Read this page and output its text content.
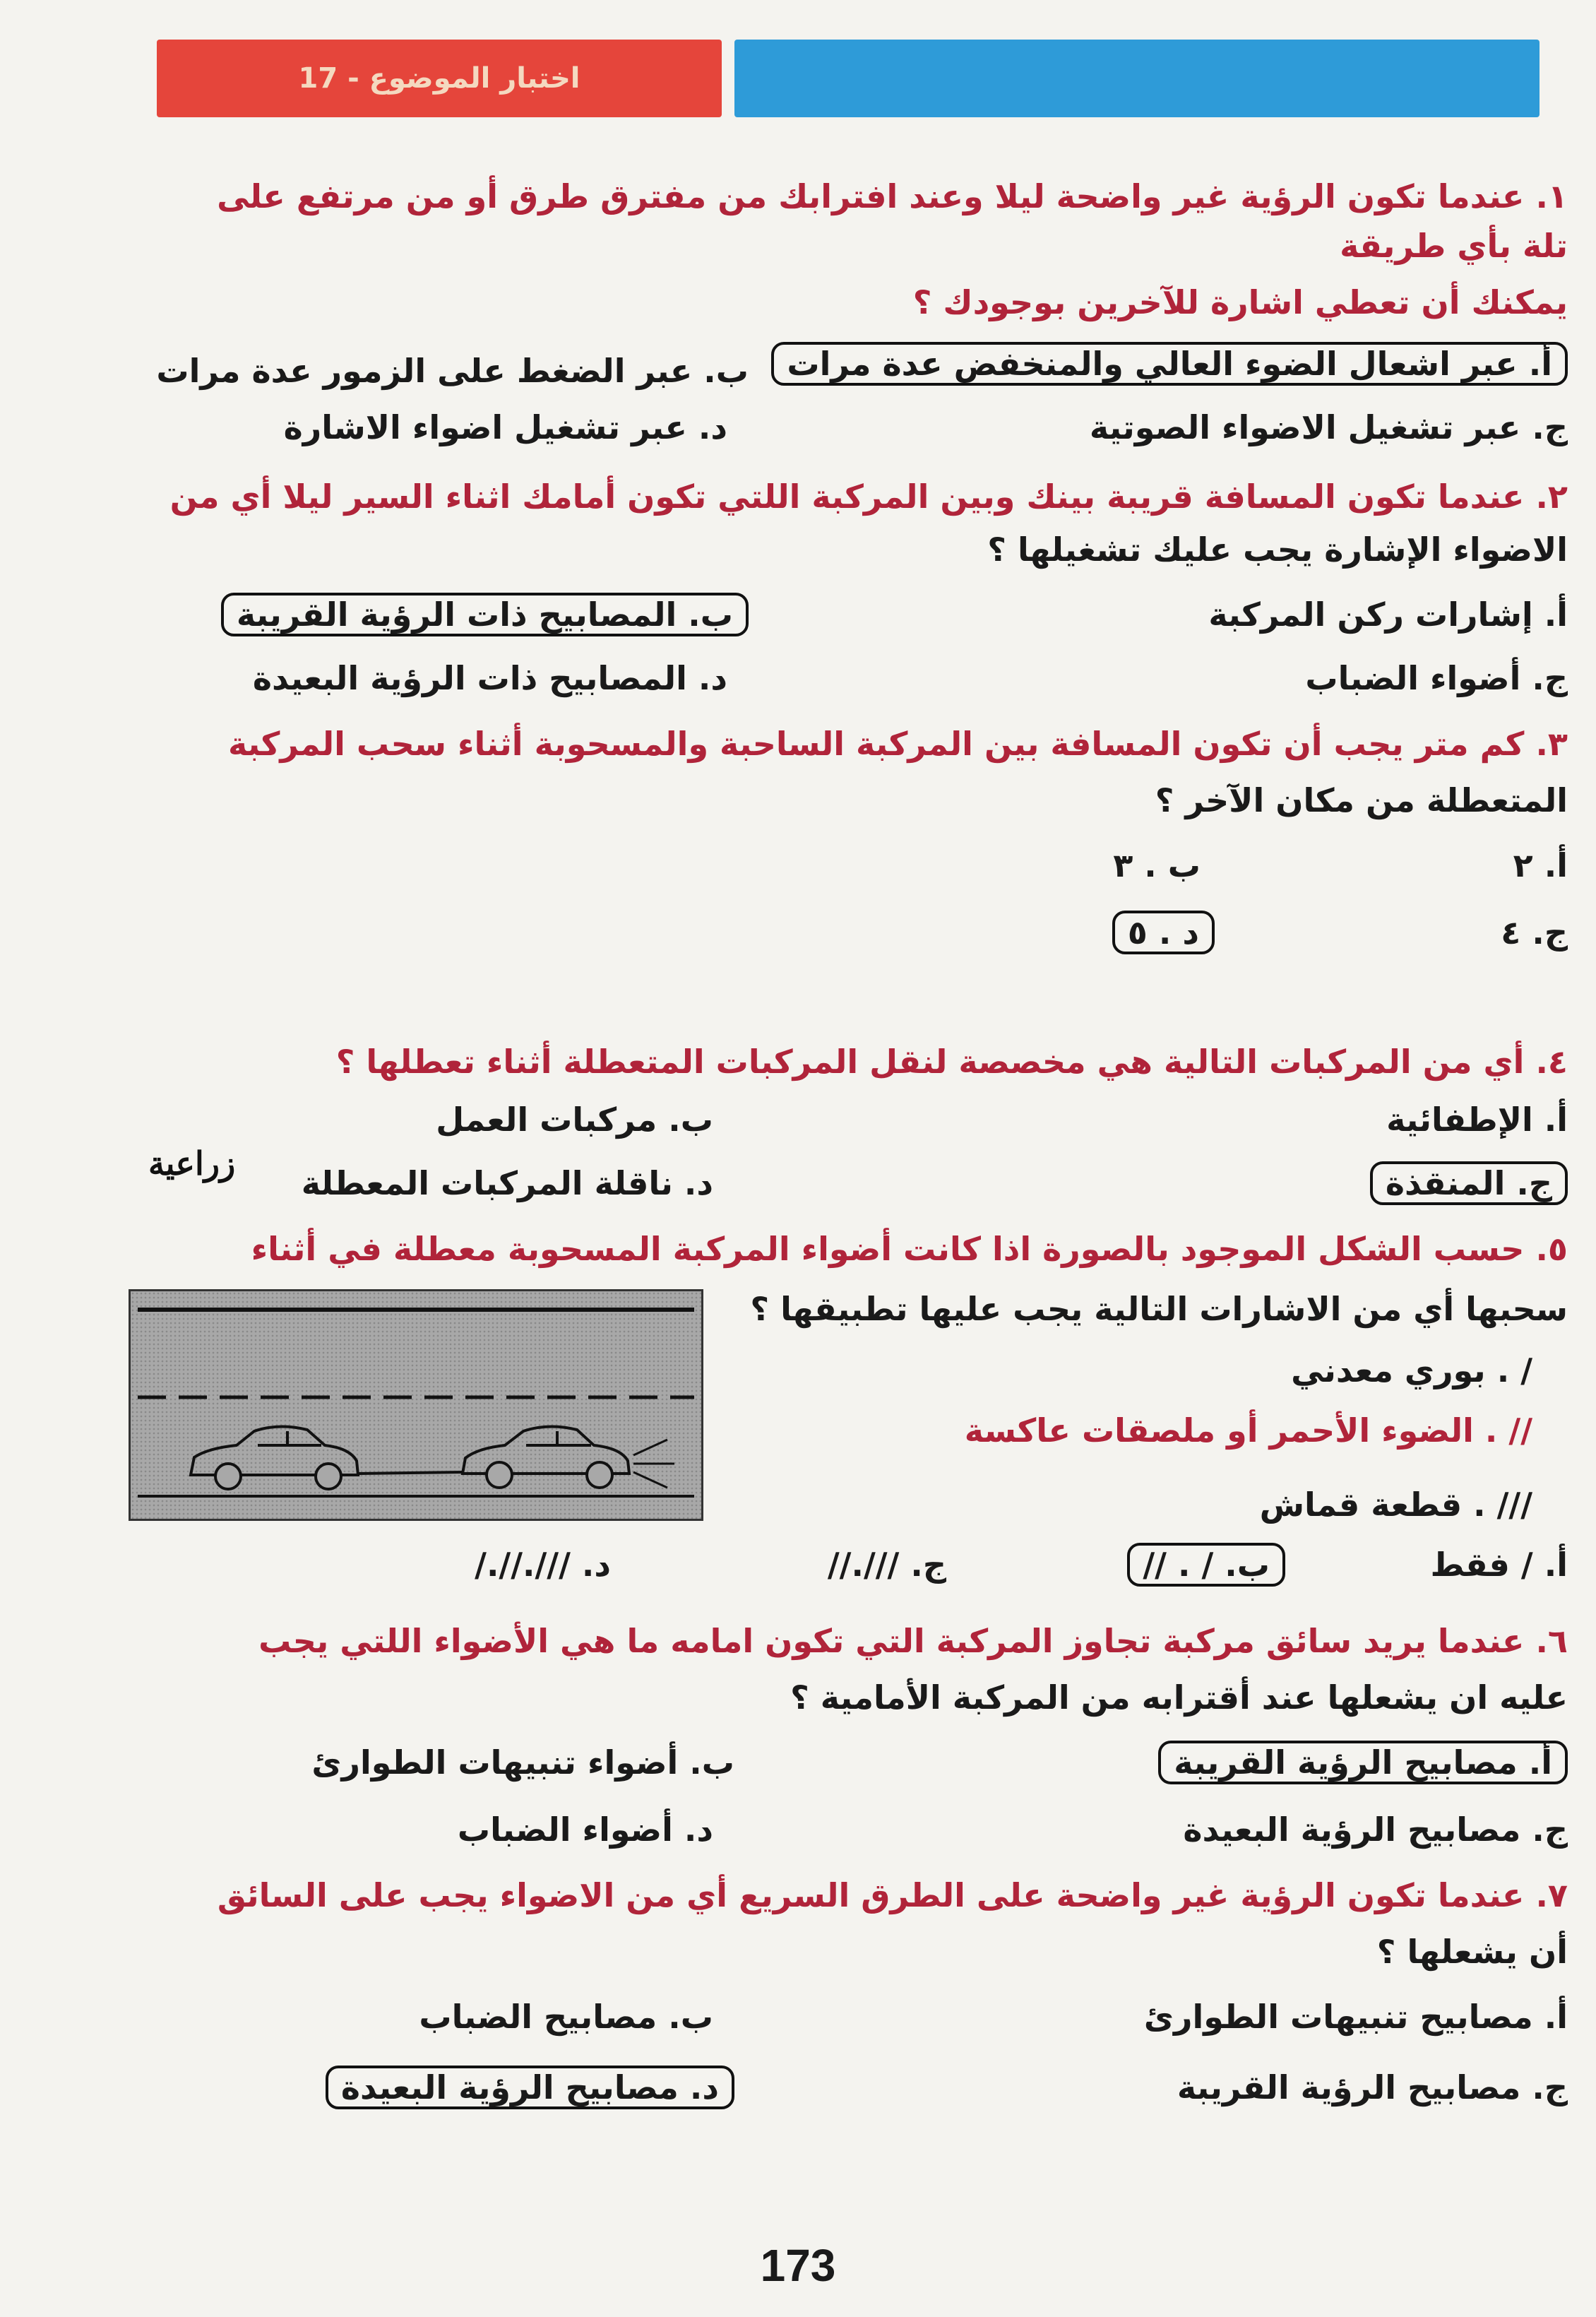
اختبار الموضوع - 17
١. عندما تكون الرؤية غير واضحة ليلا وعند افترابك من مفترق طرق أو من مرتفع على
تلة بأي طريقة
يمكنك أن تعطي اشارة للآخرين بوجودك ؟
أ. عبر اشعال الضوء العالي والمنخفض عدة مرات
ب. عبر الضغط على الزمور عدة مرات
ج. عبر تشغيل الاضواء الصوتية
د. عبر تشغيل اضواء الاشارة
٢. عندما تكون المسافة قريبة بينك وبين المركبة اللتي تكون أمامك اثناء السير ليلا أي من
الاضواء الإشارة يجب عليك تشغيلها ؟
أ. إشارات ركن المركبة
ب. المصابيح ذات الرؤية القريبة
ج. أضواء الضباب
د. المصابيح ذات الرؤية البعيدة
٣. كم متر يجب أن تكون المسافة بين المركبة الساحبة والمسحوبة أثناء سحب المركبة
المتعطلة من مكان الآخر ؟
أ. ٢
ب . ٣
ج. ٤
د . ٥
٤. أي من المركبات التالية هي مخصصة لنقل المركبات المتعطلة أثناء تعطلها ؟
أ. الإطفائية
ب. مركبات العمل
ج. المنقذة
د. ناقلة المركبات المعطلة
زراعية
٥. حسب الشكل الموجود بالصورة اذا كانت أضواء المركبة المسحوبة معطلة في أثناء
سحبها أي من الاشارات التالية يجب عليها تطبيقها ؟
/ . بوري معدني
// . الضوء الأحمر أو ملصقات عاكسة
/// . قطعة قماش
أ. / فقط
ب. / . //
ج. ///.//
د. ///.//./
٦. عندما يريد سائق مركبة تجاوز المركبة التي تكون امامه ما هي الأضواء اللتي يجب
عليه ان يشعلها عند أقترابه من المركبة الأمامية ؟
أ. مصابيح الرؤية القريبة
ب. أضواء تنبيهات الطوارئ
ج. مصابيح الرؤية البعيدة
د. أضواء الضباب
٧. عندما تكون الرؤية غير واضحة على الطرق السريع أي من الاضواء يجب على السائق
أن يشعلها ؟
أ. مصابيح تنبيهات الطوارئ
ب. مصابيح الضباب
ج. مصابيح الرؤية القريبة
د. مصابيح الرؤية البعيدة
173
